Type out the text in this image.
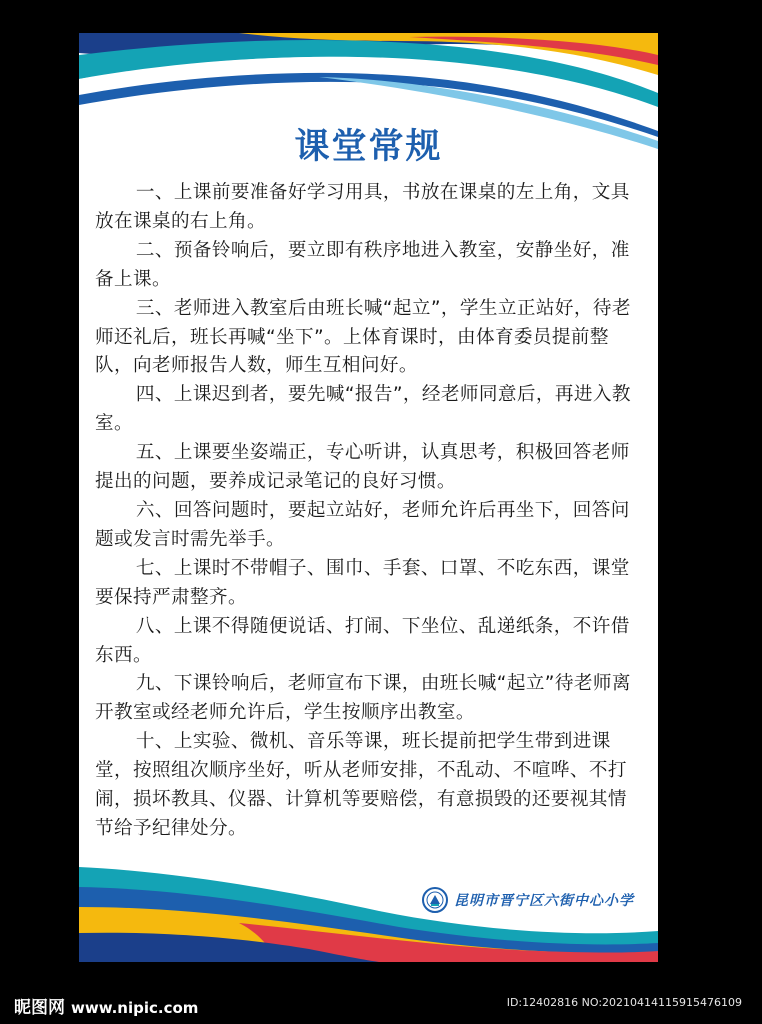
课堂常规

一、上课前要准备好学习用具，书放在课桌的左上角，文具放在课桌的右上角。

二、预备铃响后，要立即有秩序地进入教室，安静坐好，准备上课。

三、老师进入教室后由班长喊“起立”，学生立正站好，待老师还礼后，班长再喊“坐下”。上体育课时，由体育委员提前整队，向老师报告人数，师生互相问好。

四、上课迟到者，要先喊“报告”，经老师同意后，再进入教室。

五、上课要坐姿端正，专心听讲，认真思考，积极回答老师提出的问题，要养成记录笔记的良好习惯。

六、回答问题时，要起立站好，老师允许后再坐下，回答问题或发言时需先举手。

七、上课时不带帽子、围巾、手套、口罩、不吃东西，课堂要保持严肃整齐。

八、上课不得随便说话、打闹、下坐位、乱递纸条，不许借东西。

九、下课铃响后，老师宣布下课，由班长喊“起立”待老师离开教室或经老师允许后，学生按顺序出教室。

十、上实验、微机、音乐等课，班长提前把学生带到进课堂，按照组次顺序坐好，听从老师安排，不乱动、不喧哗、不打闹，损坏教具、仪器、计算机等要赔偿，有意损毁的还要视其情节给予纪律处分。

昆明市晋宁区六街中心小学
昵图网 www.nipic.com	ID:12402816 NO:20210414115915476109
